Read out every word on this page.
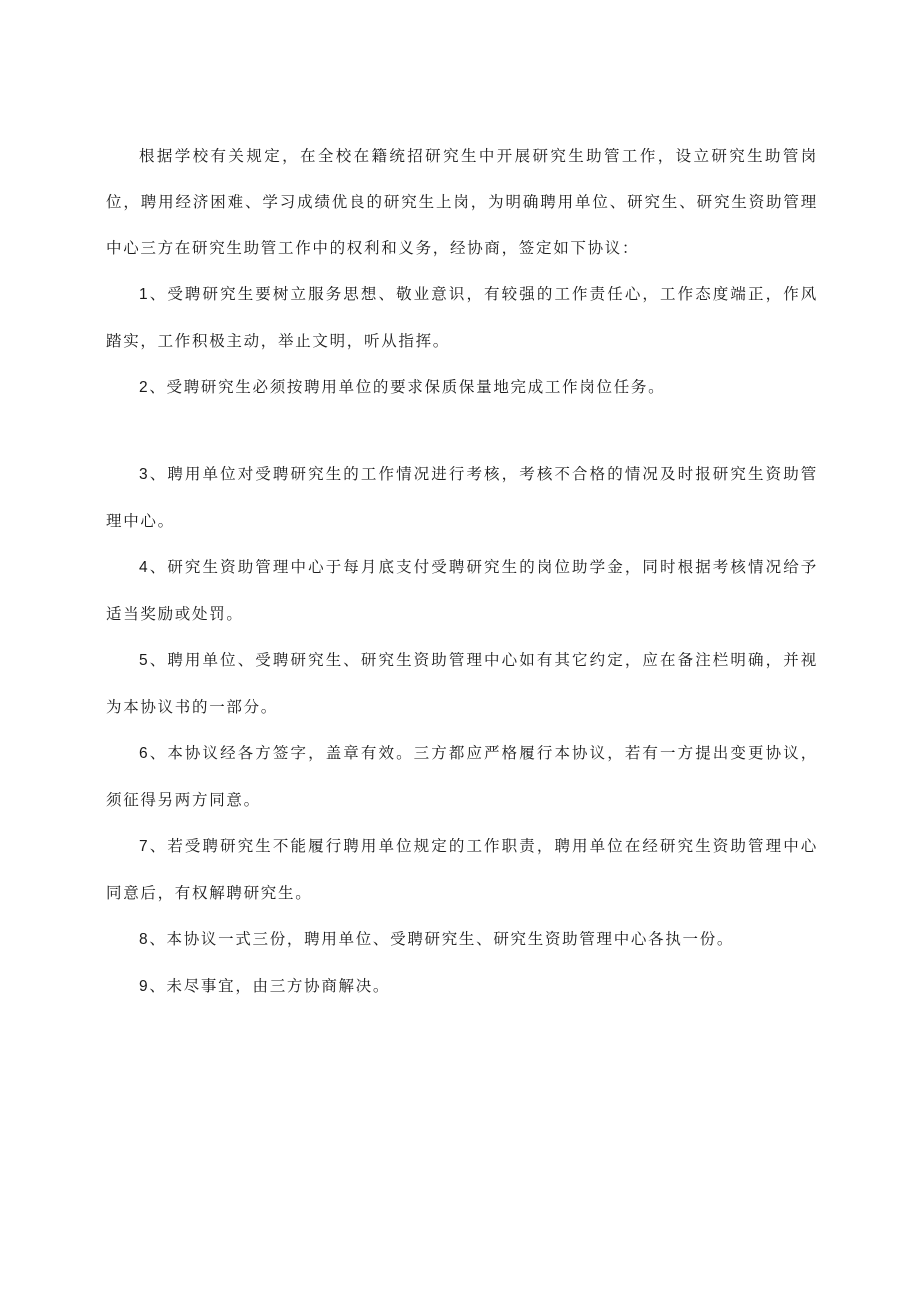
根据学校有关规定，在全校在籍统招研究生中开展研究生助管工作，设立研究生助管岗位，聘用经济困难、学习成绩优良的研究生上岗，为明确聘用单位、研究生、研究生资助管理中心三方在研究生助管工作中的权利和义务，经协商，签定如下协议：

1、受聘研究生要树立服务思想、敬业意识，有较强的工作责任心，工作态度端正，作风踏实，工作积极主动，举止文明，听从指挥。

2、受聘研究生必须按聘用单位的要求保质保量地完成工作岗位任务。

3、聘用单位对受聘研究生的工作情况进行考核，考核不合格的情况及时报研究生资助管理中心。

4、研究生资助管理中心于每月底支付受聘研究生的岗位助学金，同时根据考核情况给予适当奖励或处罚。

5、聘用单位、受聘研究生、研究生资助管理中心如有其它约定，应在备注栏明确，并视为本协议书的一部分。

6、本协议经各方签字，盖章有效。三方都应严格履行本协议，若有一方提出变更协议，须征得另两方同意。

7、若受聘研究生不能履行聘用单位规定的工作职责，聘用单位在经研究生资助管理中心同意后，有权解聘研究生。

8、本协议一式三份，聘用单位、受聘研究生、研究生资助管理中心各执一份。

9、未尽事宜，由三方协商解决。
